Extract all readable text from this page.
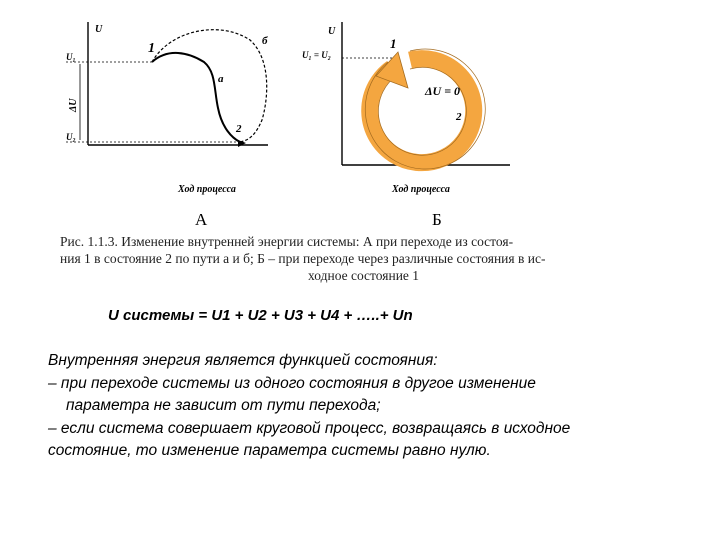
U
Ход процесса
U₁
U₂
ΔU
1
2
a
б
U
Ход процесса
U₁ = U₂
1
2
ΔU = 0
А	Б
Рис. 1.1.3. Изменение внутренней энергии системы: А при переходе из состоя-
ния 1 в состояние 2 по пути а и б; Б – при переходе через различные состояния в ис-
ходное состояние 1
U системы = U1 + U2 + U3 + U4 + …..+ Un
Внутренняя энергия является функцией состояния:
– при переходе системы из одного состояния в другое изменение
параметра не зависит от пути перехода;
– если система совершает круговой процесс, возвращаясь в исходное
состояние, то изменение параметра системы равно нулю.
